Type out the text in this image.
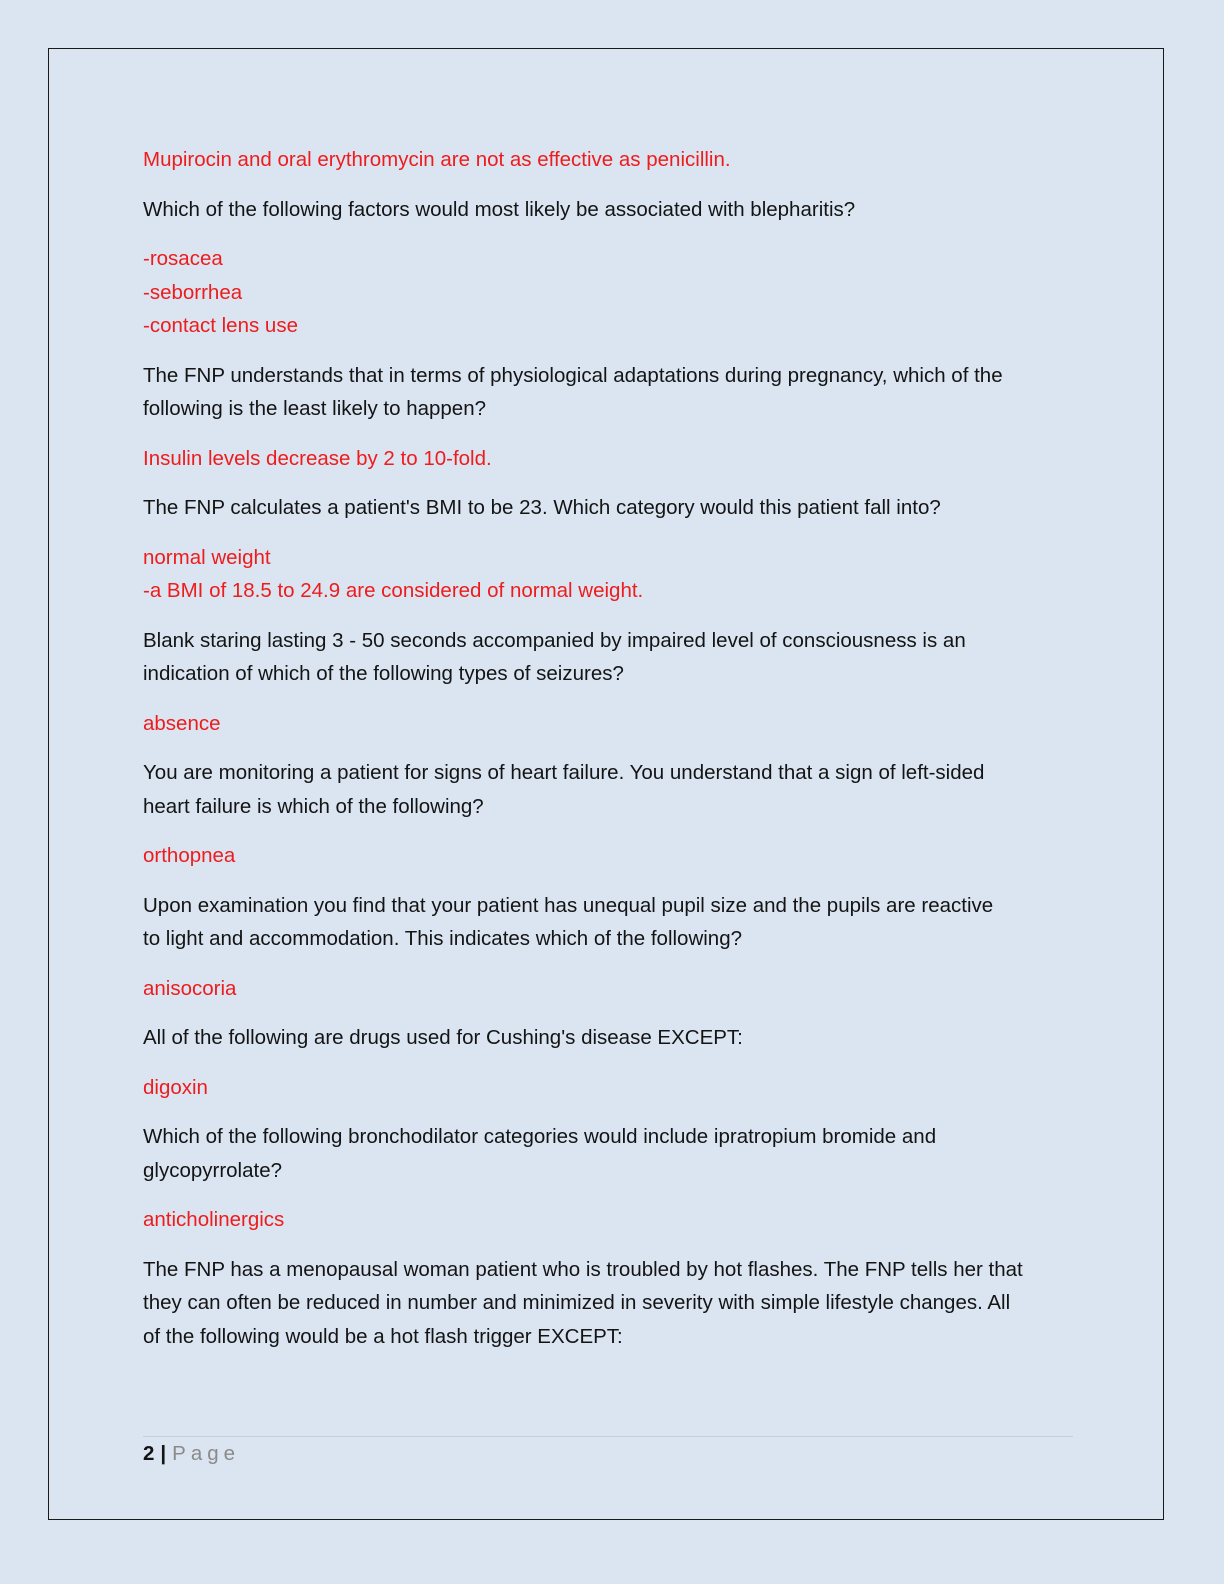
Mupirocin and oral erythromycin are not as effective as penicillin.

Which of the following factors would most likely be associated with blepharitis?

-rosacea

-seborrhea

-contact lens use

The FNP understands that in terms of physiological adaptations during pregnancy, which of the

following is the least likely to happen?

Insulin levels decrease by 2 to 10-fold.

The FNP calculates a patient's BMI to be 23. Which category would this patient fall into?

normal weight

-a BMI of 18.5 to 24.9 are considered of normal weight.

Blank staring lasting 3 - 50 seconds accompanied by impaired level of consciousness is an

indication of which of the following types of seizures?

absence

You are monitoring a patient for signs of heart failure. You understand that a sign of left-sided

heart failure is which of the following?

orthopnea

Upon examination you find that your patient has unequal pupil size and the pupils are reactive

to light and accommodation. This indicates which of the following?

anisocoria

All of the following are drugs used for Cushing's disease EXCEPT:

digoxin

Which of the following bronchodilator categories would include ipratropium bromide and

glycopyrrolate?

anticholinergics

The FNP has a menopausal woman patient who is troubled by hot flashes. The FNP tells her that

they can often be reduced in number and minimized in severity with simple lifestyle changes. All

of the following would be a hot flash trigger EXCEPT:

2 | Page
